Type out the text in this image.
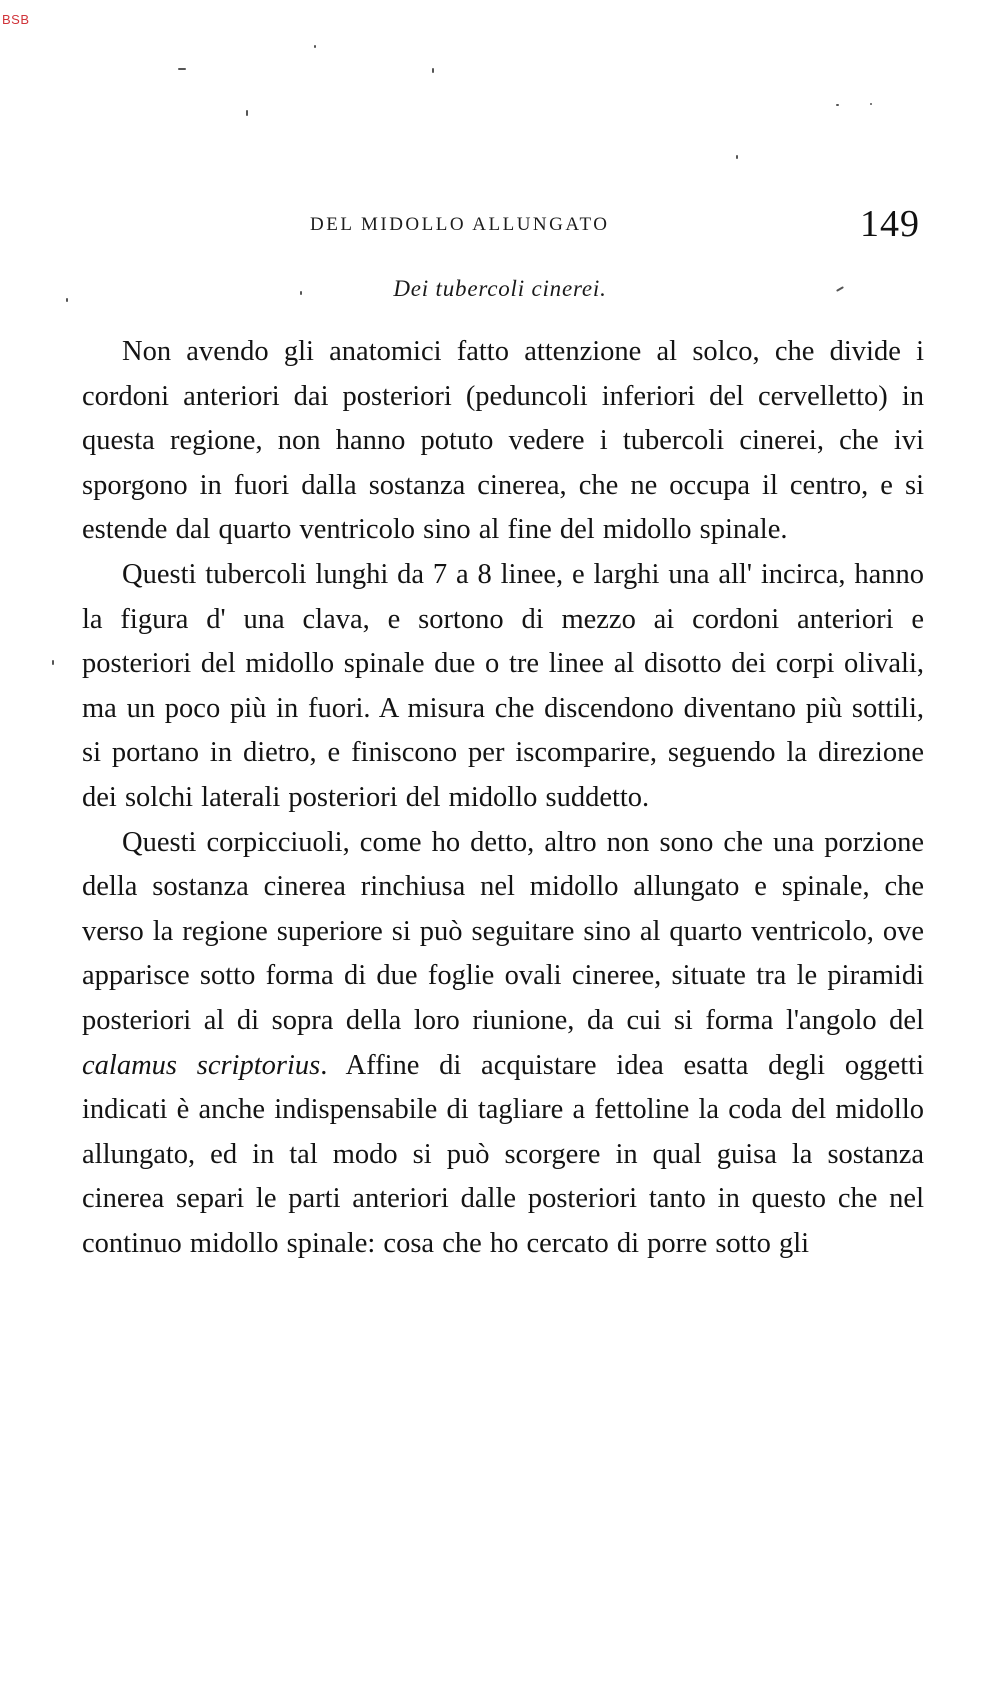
BSB
DEL MIDOLLO ALLUNGATO	149
Dei tubercoli cinerei.

Non avendo gli anatomici fatto attenzione al solco, che divide i cordoni anteriori dai posteriori (peduncoli inferiori del cervelletto) in questa regione, non hanno potuto vedere i tubercoli cinerei, che ivi sporgono in fuori dalla sostanza cinerea, che ne occupa il centro, e si estende dal quarto ventricolo sino al fine del midollo spinale.

Questi tubercoli lunghi da 7 a 8 linee, e larghi una all' incirca, hanno la figura d' una clava, e sortono di mezzo ai cordoni anteriori e posteriori del midollo spinale due o tre linee al disotto dei corpi olivali, ma un poco più in fuori. A misura che discendono diventano più sottili, si portano in dietro, e finiscono per iscomparire, seguendo la direzione dei solchi laterali posteriori del midollo suddetto.

Questi corpicciuoli, come ho detto, altro non sono che una porzione della sostanza cinerea rinchiusa nel midollo allungato e spinale, che verso la regione superiore si può seguitare sino al quarto ventricolo, ove apparisce sotto forma di due foglie ovali cineree, situate tra le piramidi posteriori al di sopra della loro riunione, da cui si forma l'angolo del calamus scriptorius. Affine di acquistare idea esatta degli oggetti indicati è anche indispensabile di tagliare a fettoline la coda del midollo allungato, ed in tal modo si può scorgere in qual guisa la sostanza cinerea separi le parti anteriori dalle posteriori tanto in questo che nel continuo midollo spinale: cosa che ho cercato di porre sotto gli
